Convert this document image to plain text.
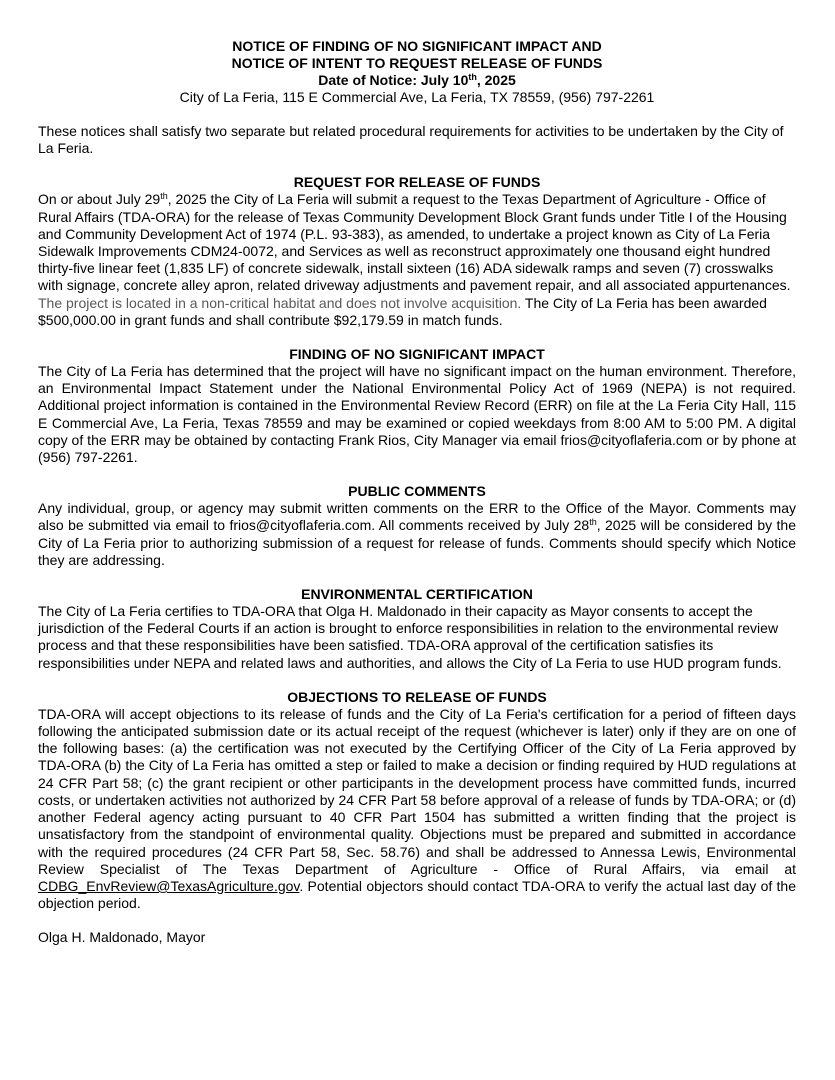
NOTICE OF FINDING OF NO SIGNIFICANT IMPACT AND
NOTICE OF INTENT TO REQUEST RELEASE OF FUNDS
Date of Notice: July 10th, 2025
City of La Feria, 115 E Commercial Ave, La Feria, TX 78559, (956) 797-2261

These notices shall satisfy two separate but related procedural requirements for activities to be undertaken by the City of La Feria.

REQUEST FOR RELEASE OF FUNDS

On or about July 29th, 2025 the City of La Feria will submit a request to the Texas Department of Agriculture - Office of Rural Affairs (TDA-ORA) for the release of Texas Community Development Block Grant funds under Title I of the Housing and Community Development Act of 1974 (P.L. 93-383), as amended, to undertake a project known as City of La Feria Sidewalk Improvements CDM24-0072, and Services as well as reconstruct approximately one thousand eight hundred thirty-five linear feet (1,835 LF) of concrete sidewalk, install sixteen (16) ADA sidewalk ramps and seven (7) crosswalks with signage, concrete alley apron, related driveway adjustments and pavement repair, and all associated appurtenances. The project is located in a non-critical habitat and does not involve acquisition. The City of La Feria has been awarded $500,000.00 in grant funds and shall contribute $92,179.59 in match funds.

FINDING OF NO SIGNIFICANT IMPACT

The City of La Feria has determined that the project will have no significant impact on the human environment. Therefore, an Environmental Impact Statement under the National Environmental Policy Act of 1969 (NEPA) is not required. Additional project information is contained in the Environmental Review Record (ERR) on file at the La Feria City Hall, 115 E Commercial Ave, La Feria, Texas 78559 and may be examined or copied weekdays from 8:00 AM to 5:00 PM. A digital copy of the ERR may be obtained by contacting Frank Rios, City Manager via email frios@cityoflaferia.com or by phone at (956) 797-2261.

PUBLIC COMMENTS

Any individual, group, or agency may submit written comments on the ERR to the Office of the Mayor. Comments may also be submitted via email to frios@cityoflaferia.com. All comments received by July 28th, 2025 will be considered by the City of La Feria prior to authorizing submission of a request for release of funds. Comments should specify which Notice they are addressing.

ENVIRONMENTAL CERTIFICATION

The City of La Feria certifies to TDA-ORA that Olga H. Maldonado in their capacity as Mayor consents to accept the jurisdiction of the Federal Courts if an action is brought to enforce responsibilities in relation to the environmental review process and that these responsibilities have been satisfied. TDA-ORA approval of the certification satisfies its responsibilities under NEPA and related laws and authorities, and allows the City of La Feria to use HUD program funds.

OBJECTIONS TO RELEASE OF FUNDS

TDA-ORA will accept objections to its release of funds and the City of La Feria's certification for a period of fifteen days following the anticipated submission date or its actual receipt of the request (whichever is later) only if they are on one of the following bases: (a) the certification was not executed by the Certifying Officer of the City of La Feria approved by TDA-ORA (b) the City of La Feria has omitted a step or failed to make a decision or finding required by HUD regulations at 24 CFR Part 58; (c) the grant recipient or other participants in the development process have committed funds, incurred costs, or undertaken activities not authorized by 24 CFR Part 58 before approval of a release of funds by TDA-ORA; or (d) another Federal agency acting pursuant to 40 CFR Part 1504 has submitted a written finding that the project is unsatisfactory from the standpoint of environmental quality. Objections must be prepared and submitted in accordance with the required procedures (24 CFR Part 58, Sec. 58.76) and shall be addressed to Annessa Lewis, Environmental Review Specialist of The Texas Department of Agriculture - Office of Rural Affairs, via email at CDBG_EnvReview@TexasAgriculture.gov. Potential objectors should contact TDA-ORA to verify the actual last day of the objection period.

Olga H. Maldonado, Mayor
